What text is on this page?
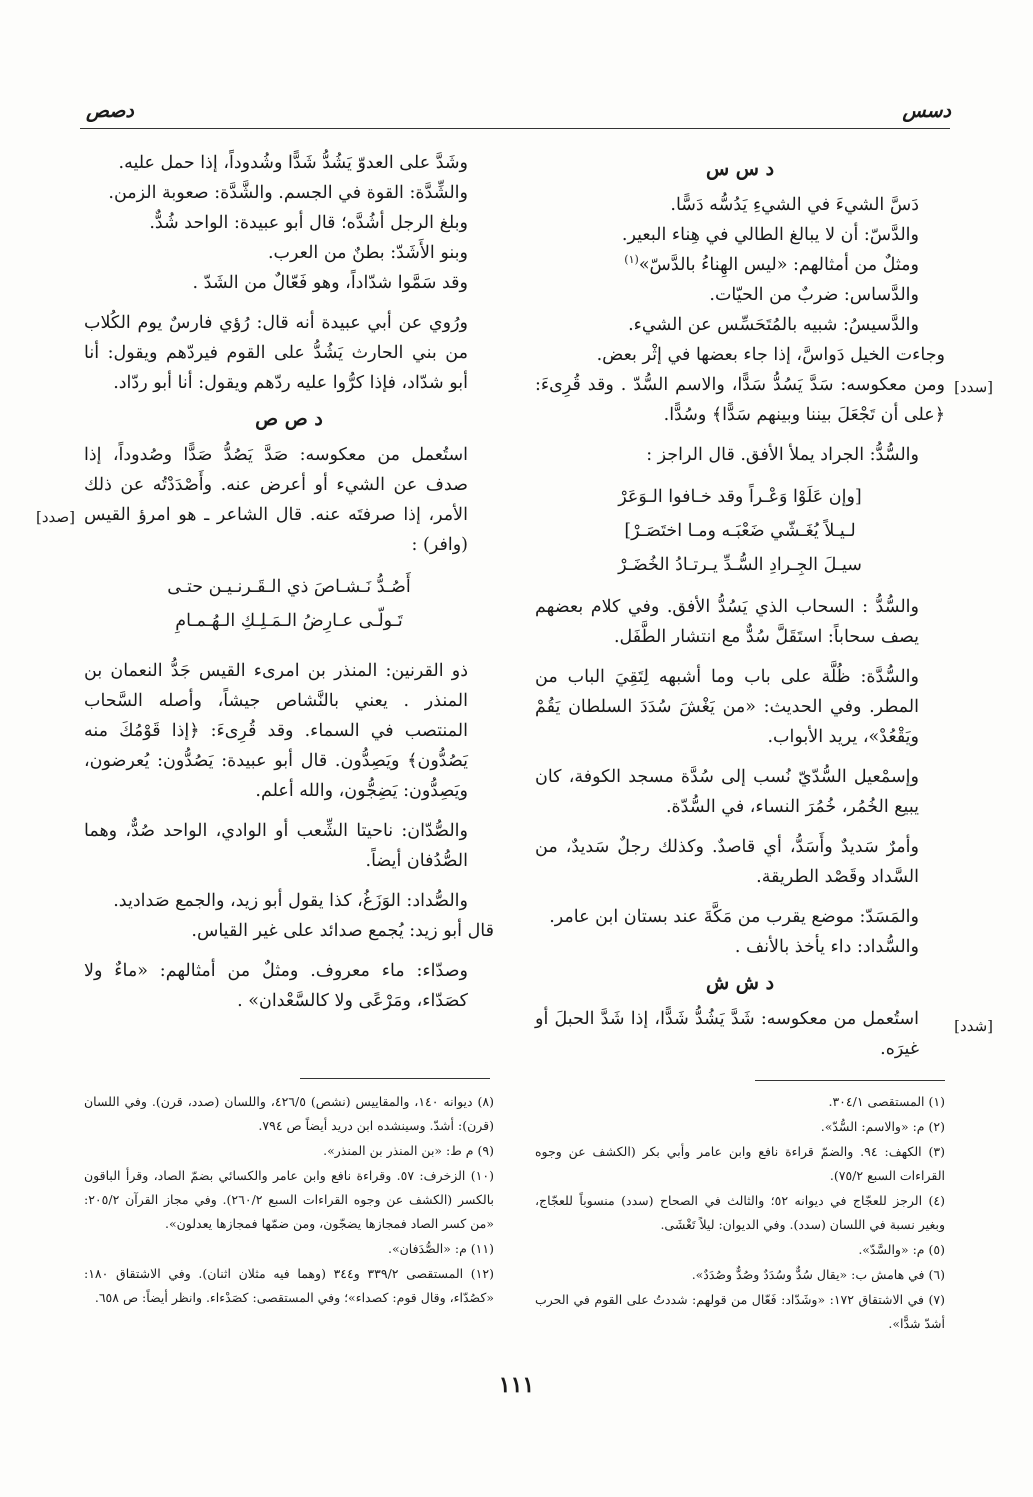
دسس
دصص
د س س

دَسَّ الشيءَ في الشيءِ يَدُسُّه دَسًّا.

والدَّسّ: أن لا يبالغ الطالي في هِناء البعير.

ومثلٌ من أمثالهم: «ليس الهِناءُ بالدَّسّ»$^{(١)}$

والدَّساس: ضربٌ من الحيّات.

والدَّسيسُ: شبيه بالمُتَحَسِّس عن الشيء.

وجاءت الخيل دَواسَّ، إذا جاء بعضها في إثْر بعض.

ومن معكوسه: سَدَّ يَسُدُّ سَدًّا، والاسم السُّدّ . وقد قُرِىءَ: ﴿على أن تَجْعَلَ بيننا وبينهم سَدًّا﴾ وسُدًّا.

والسُّدُّ: الجراد يملأ الأفق. قال الراجز :

[وإن عَلَوْا وَعْـراً وقد خـافوا الـوَعَرْ
لـيـلاً يُغَـشّي ضَعْبَـه ومـا اختَصَـرْ]
سيـلَ الجِـرادِ السُّـدِّ يـرتـادُ الخُضَـرْ

والسُّدُّ : السحاب الذي يَسُدُّ الأفق. وفي كلام بعضهم يصف سحاباً: استَقَلَّ سُدٌّ مع انتشار الطَّفَل.

والسُّدَّة: ظُلَّة على باب وما أشبهه لِتَقِيَ الباب من المطر. وفي الحديث: «من يَغْشَ سُدَدَ السلطان يَقُمْ ويَقْعُدْ»، يريد الأبواب.

وإسمْعيل السُّدّيّ نُسب إلى سُدَّة مسجد الكوفة، كان يبيع الخُمُر، خُمُرَ النساء، في السُّدّة.

وأمرٌ سَديدٌ وأَسَدُّ، أي قاصدٌ. وكذلك رجلٌ سَديدٌ، من السَّداد وقَصْد الطريقة.

والمَسَدّ: موضع يقرب من مَكَّةَ عند بستان ابن عامر.

والسُّداد: داء يأخذ بالأنف .

د ش ش

استُعمل من معكوسه: شَدَّ يَشُدُّ شَدًّا، إذا شَدَّ الحبلَ أو غيرَه.

[سدد]
[شدد]
[صدد]

وشَدَّ على العدوّ يَشُدُّ شَدًّا وشُدوداً، إذا حمل عليه.

والشِّدَّة: القوة في الجسم. والشَّدَّة: صعوبة الزمن.

وبلغ الرجل أشُدَّه؛ قال أبو عبيدة: الواحد شُدٌّ.

وبنو الأَشَدّ: بطنٌ من العرب.

وقد سَمَّوا شدّاداً، وهو فَعّالٌ من الشَدّ .

ورُوي عن أبي عبيدة أنه قال: رُؤي فارسٌ يوم الكُلاب من بني الحارث يَشُدُّ على القوم فيردّهم ويقول: أنا أبو شدّاد، فإذا كرُّوا عليه ردّهم ويقول: أنا أبو ردّاد.

د ص ص

استُعمل من معكوسه: صَدَّ يَصُدُّ صَدًّا وصُدوداً، إذا صدف عن الشيء أو أعرض عنه. وأَصْدَدْتُه عن ذلك الأمر، إذا صرفتَه عنه. قال الشاعر ـ هو امرؤ القيس (وافر) :

أَصُـدُّ نَـشـاصَ ذي الـقَـرنـيـن حتـى
تَـولّـى عـارِضُ الـمَـلِـكِ الـهُـمـامِ

ذو القرنين: المنذر بن امرىء القيس جَدُّ النعمان بن المنذر . يعني بالنَّشاص جيشاً، وأصله السَّحاب المنتصب في السماء. وقد قُرِىءَ: ﴿إذا قَوْمُكَ منه يَصُدُّون﴾ ويَصِدُّون. قال أبو عبيدة: يَصُدُّون: يُعرضون، ويَصِدُّون: يَضِجُّون، والله أعلم.

والصُّدّان: ناحيتا الشِّعب أو الوادي، الواحد صُدٌّ، وهما الصُّدُفان أيضاً.

والصُّداد: الوَزَغُ، كذا يقول أبو زيد، والجمع صَداديد.

قال أبو زيد: يُجمع صدائد على غير القياس.

وصدّاء: ماء معروف. ومثلٌ من أمثالهم: «ماءٌ ولا كصَدّاء، ومَرْعًى ولا كالسَّعْدان» .

(١) المستقصى ٣٠٤/١.

(٢) م: «والاسم: السُّدّ».

(٣) الكهف: ٩٤. والضمّ قراءة نافع وابن عامر وأبي بكر (الكشف عن وجوه القراءات السبع ٧٥/٢).

(٤) الرجز للعجّاج في ديوانه ٥٢؛ والثالث في الصحاح (سدد) منسوباً للعجّاج، وبغير نسبة في اللسان (سدد). وفي الديوان: ليلاً تَغْشَى.

(٥) م: «والسَّدّ».

(٦) في هامش ب: «يقال سُدٌّ وسُدَدٌ وصُدٌّ وصُدَدٌ».

(٧) في الاشتقاق ١٧٢: «وشَدّاد: فَعّال من قولهم: شددتُ على القوم في الحرب أشدّ شدًّا».

(٨) ديوانه ١٤٠، والمقاييس (نشص) ٤٢٦/٥، واللسان (صدد، قرن). وفي اللسان (قرن): أشدّ. وسينشده ابن دريد أيضاً ص ٧٩٤.

(٩) م ط: «بن المنذر بن المنذر».

(١٠) الزخرف: ٥٧. وقراءة نافع وابن عامر والكسائي بضمّ الصاد، وقرأ الباقون بالكسر (الكشف عن وجوه القراءات السبع ٢٦٠/٢). وفي مجاز القرآن ٢٠٥/٢: «من كسر الصاد فمجازها يضجّون، ومن ضمّها فمجازها يعدلون».

(١١) م: «الصُّدَفان».

(١٢) المستقصى ٣٣٩/٢ و٣٤٤ (وهما فيه مثلان اثنان). وفي الاشتقاق ١٨٠: «كصُدّاء، وقال قوم: كصداء»؛ وفي المستقصى: كصَدْءاء. وانظر أيضاً: ص ٦٥٨.

١١١
